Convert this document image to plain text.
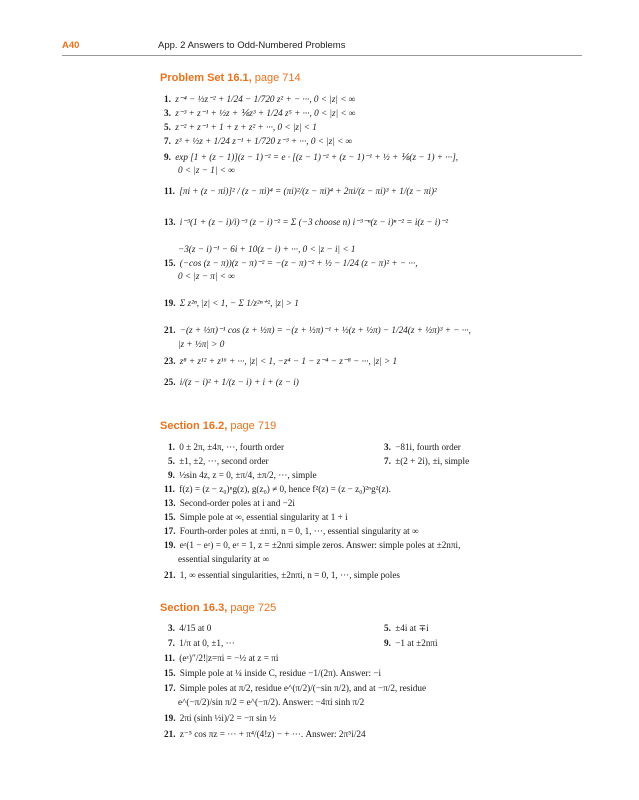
A40	App. 2 Answers to Odd-Numbered Problems
Problem Set 16.1, page 714
1. z⁻⁴ − ½z⁻² + 1/24 − 1/720 z² + − ···, 0 < |z| < ∞
3. z⁻³ + z⁻¹ + ½z + ⅙z³ + 1/24 z⁵ + ···, 0 < |z| < ∞
5. z⁻² + z⁻¹ + 1 + z + z² + ···, 0 < |z| < 1
7. z³ + ½z + 1/24 z⁻¹ + 1/720 z⁻³ + ···, 0 < |z| < ∞
9. exp [1 + (z − 1)](z − 1)⁻² = e · [(z − 1)⁻² + (z − 1)⁻¹ + ½ + ⅙(z − 1) + ···],
0 < |z − 1| < ∞
11. [πi + (z − πi)]² / (z − πi)⁴ = (πi)²/(z − πi)⁴ + 2πi/(z − πi)³ + 1/(z − πi)²
13. i⁻³(1 + (z − i)/i)⁻³ (z − i)⁻² = Σ (−3 choose n) i⁻³⁻ⁿ(z − i)ⁿ⁻² = i(z − i)⁻²
−3(z − i)⁻¹ − 6i + 10(z − i) + ···, 0 < |z − i| < 1
15. (−cos (z − π))(z − π)⁻² = −(z − π)⁻² + ½ − 1/24 (z − π)² + − ···,
0 < |z − π| < ∞
19. Σ z²ⁿ, |z| < 1, − Σ 1/z²ⁿ⁺², |z| > 1
21. −(z + ½π)⁻¹ cos (z + ½π) = −(z + ½π)⁻¹ + ½(z + ½π) − 1/24(z + ½π)³ + − ···,
|z + ½π| > 0
23. z⁸ + z¹² + z¹⁶ + ···, |z| < 1, −z⁴ − 1 − z⁻⁴ − z⁻⁸ − ···, |z| > 1
25. i/(z − i)² + 1/(z − i) + i + (z − i)
Section 16.2, page 719
1. 0 ± 2π, ±4π, ···, fourth order	3. −81i, fourth order
5. ±1, ±2, ···, second order	7. ±(2 + 2i), ±i, simple
9. ½sin 4z, z = 0, ±π/4, ±π/2, ···, simple
11. f(z) = (z − z₀)ⁿg(z), g(z₀) ≠ 0, hence f²(z) = (z − z₀)²ⁿg²(z).
13. Second-order poles at i and −2i
15. Simple pole at ∞, essential singularity at 1 + i
17. Fourth-order poles at ±nπi, n = 0, 1, ···, essential singularity at ∞
19. eᶻ(1 − eᶻ) = 0, eᶻ = 1, z = ±2nπi simple zeros. Answer: simple poles at ±2nπi,
essential singularity at ∞
21. 1, ∞ essential singularities, ±2nπi, n = 0, 1, ···, simple poles
Section 16.3, page 725
3. 4/15 at 0	5. ±4i at ∓i
7. 1/π at 0, ±1, ···	9. −1 at ±2nπi
11. (eᶻ)″/2!|z=πi = −½ at z = πi
15. Simple pole at ¼ inside C, residue −1/(2π). Answer: −i
17. Simple poles at π/2, residue e^(π/2)/(−sin π/2), and at −π/2, residue
e^(−π/2)/sin π/2 = e^(−π/2). Answer: −4πi sinh π/2
19. 2πi (sinh ½i)/2 = −π sin ½
21. z⁻⁵ cos πz = ··· + π⁴/(4!z) − + ···. Answer: 2π⁵i/24
